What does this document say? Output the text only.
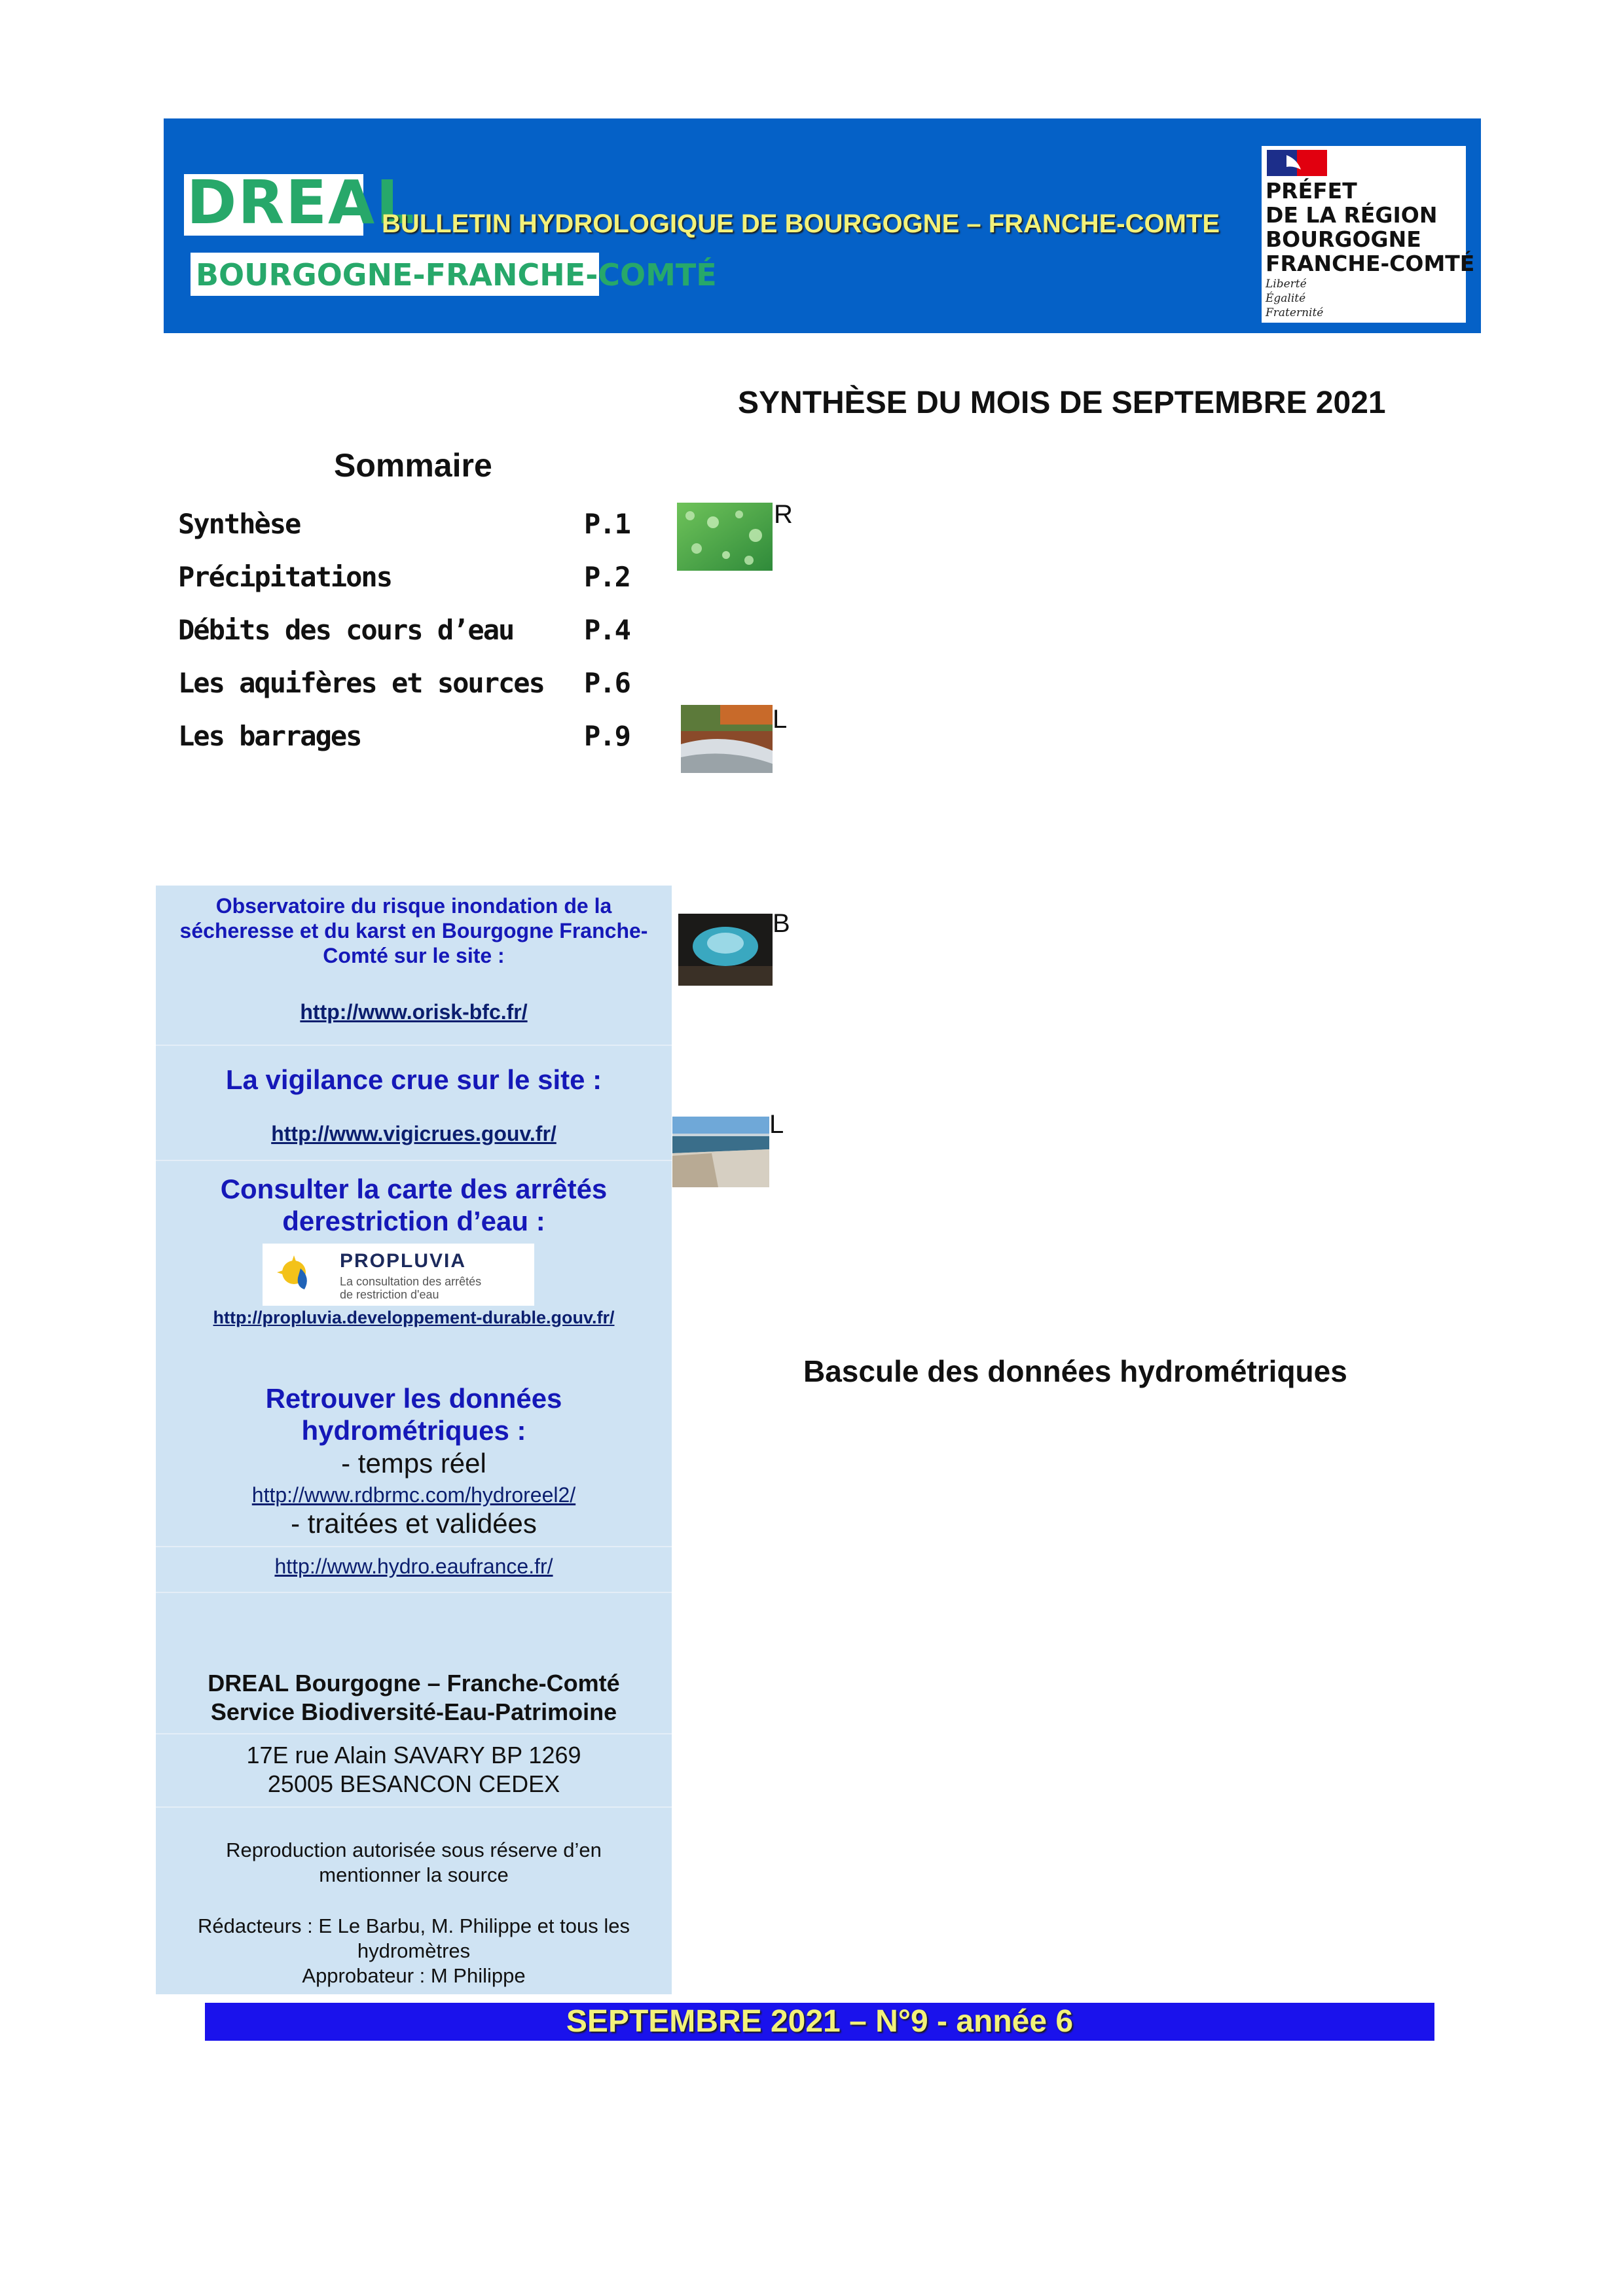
DREAL
BOURGOGNE-FRANCHE-COMTÉ
BULLETIN HYDROLOGIQUE DE BOURGOGNE – FRANCHE-COMTE
PRÉFET
DE LA RÉGION
BOURGOGNE
FRANCHE-COMTÉ
Liberté
Égalité
Fraternité
SYNTHÈSE DU MOIS DE SEPTEMBRE 2021
Sommaire
Synthèse	P.1
Précipitations	P.2
Débits des cours d’eau	P.4
Les aquifères et sources P.6
Les barrages	P.9
R
L
B
L
Observatoire du risque inondation de la sécheresse et du karst en Bourgogne Franche-Comté sur le site :
http://www.orisk-bfc.fr/
La vigilance crue sur le site :
http://www.vigicrues.gouv.fr/
Consulter la carte des arrêtés
derestriction d’eau :
PROPLUVIA
La consultation des arrêtés
de restriction d'eau
http://propluvia.developpement-durable.gouv.fr/
Retrouver les données
hydrométriques :
- temps réel
http://www.rdbrmc.com/hydroreel2/
- traitées et validées
http://www.hydro.eaufrance.fr/
DREAL Bourgogne – Franche-Comté
Service Biodiversité-Eau-Patrimoine
17E rue Alain SAVARY BP 1269
25005 BESANCON CEDEX
Reproduction autorisée sous réserve d’en
mentionner la source
Rédacteurs : E Le Barbu, M. Philippe et tous les
hydromètres
Approbateur : M Philippe
Bascule des données hydrométriques
SEPTEMBRE 2021 – N°9 - année 6
